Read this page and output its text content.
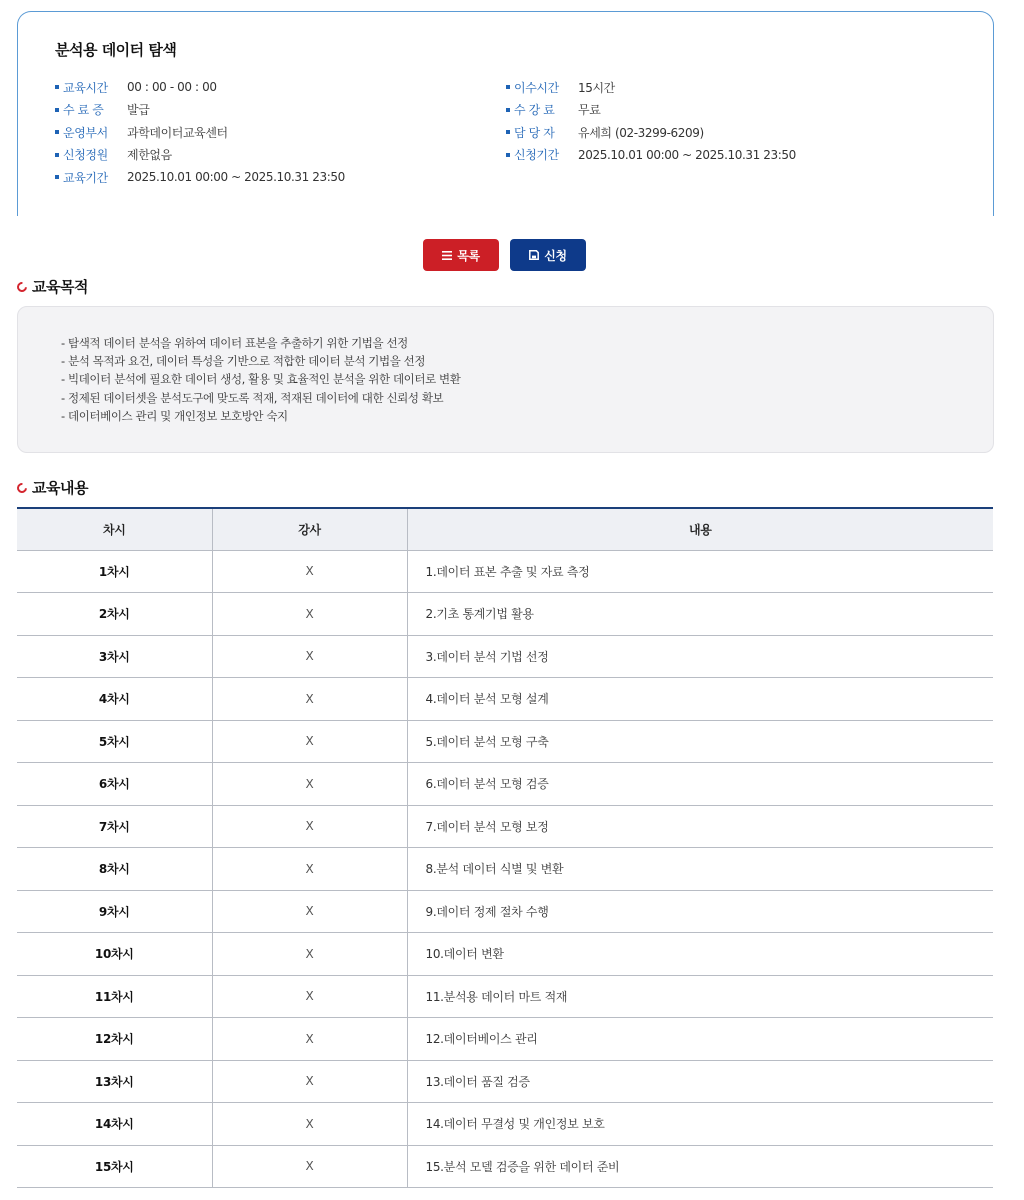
분석용 데이터 탐색
교육시간	00 : 00 - 00 : 00
수 료 증	발급
운영부서	과학데이터교육센터
신청정원	제한없음
교육기간	2025.10.01 00:00 ~ 2025.10.31 23:50
이수시간	15시간
수 강 료	무료
담 당 자	유세희 (02-3299-6209)
신청기간	2025.10.01 00:00 ~ 2025.10.31 23:50
목록	신청
교육목적
- 탐색적 데이터 분석을 위하여 데이터 표본을 추출하기 위한 기법을 선정
- 분석 목적과 요건, 데이터 특성을 기반으로 적합한 데이터 분석 기법을 선정
- 빅데이터 분석에 필요한 데이터 생성, 활용 및 효율적인 분석을 위한 데이터로 변환
- 정제된 데이터셋을 분석도구에 맞도록 적재, 적재된 데이터에 대한 신뢰성 확보
- 데이터베이스 관리 및 개인정보 보호방안 숙지
교육내용
차시	강사	내용
1차시	X	1.데이터 표본 추출 및 자료 측정
2차시	X	2.기초 통계기법 활용
3차시	X	3.데이터 분석 기법 선정
4차시	X	4.데이터 분석 모형 설계
5차시	X	5.데이터 분석 모형 구축
6차시	X	6.데이터 분석 모형 검증
7차시	X	7.데이터 분석 모형 보정
8차시	X	8.분석 데이터 식별 및 변환
9차시	X	9.데이터 정제 절차 수행
10차시	X	10.데이터 변환
11차시	X	11.분석용 데이터 마트 적재
12차시	X	12.데이터베이스 관리
13차시	X	13.데이터 품질 검증
14차시	X	14.데이터 무결성 및 개인정보 보호
15차시	X	15.분석 모델 검증을 위한 데이터 준비
